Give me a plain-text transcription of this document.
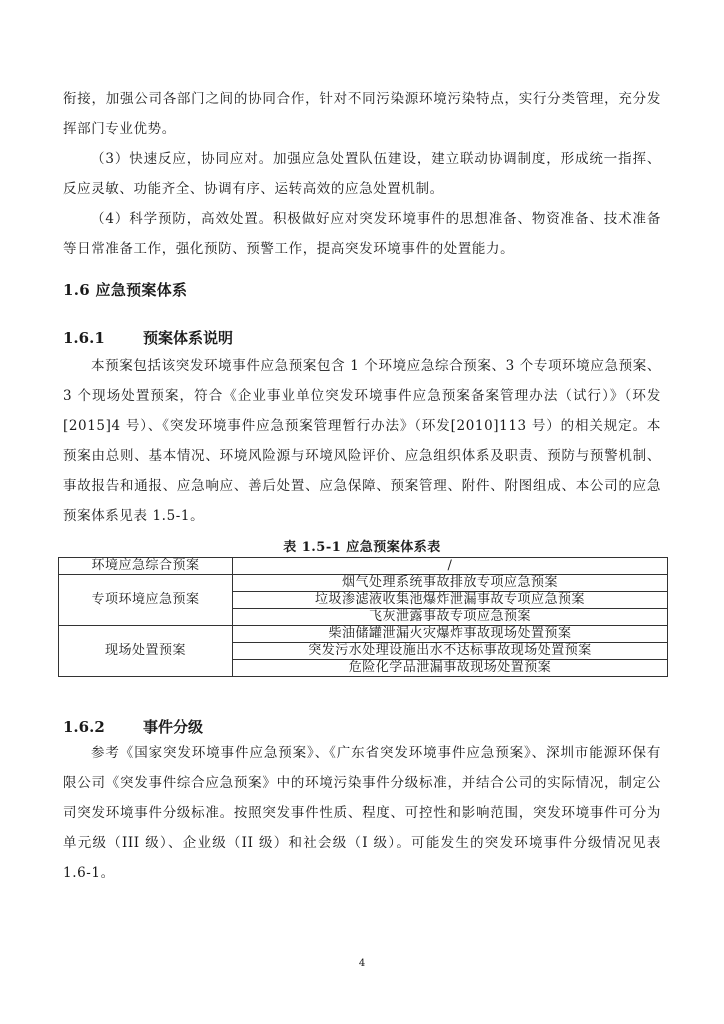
衔接，加强公司各部门之间的协同合作，针对不同污染源环境污染特点，实行分类管理，充分发挥部门专业优势。

（3）快速反应，协同应对。加强应急处置队伍建设，建立联动协调制度，形成统一指挥、反应灵敏、功能齐全、协调有序、运转高效的应急处置机制。

（4）科学预防，高效处置。积极做好应对突发环境事件的思想准备、物资准备、技术准备等日常准备工作，强化预防、预警工作，提高突发环境事件的处置能力。

1.6 应急预案体系
1.6.1	预案体系说明

本预案包括该突发环境事件应急预案包含 1 个环境应急综合预案、3 个专项环境应急预案、3 个现场处置预案，符合《企业事业单位突发环境事件应急预案备案管理办法（试行）》（环发[2015]4 号）、《突发环境事件应急预案管理暂行办法》（环发[2010]113 号）的相关规定。本预案由总则、基本情况、环境风险源与环境风险评价、应急组织体系及职责、预防与预警机制、事故报告和通报、应急响应、善后处置、应急保障、预案管理、附件、附图组成、本公司的应急预案体系见表 1.5-1。

表 1.5-1 应急预案体系表

环境应急综合预案	/
专项环境应急预案	烟气处理系统事故排放专项应急预案
	垃圾渗滤液收集池爆炸泄漏事故专项应急预案
	飞灰泄露事故专项应急预案
现场处置预案	柴油储罐泄漏火灾爆炸事故现场处置预案
	突发污水处理设施出水不达标事故现场处置预案
	危险化学品泄漏事故现场处置预案
1.6.2	事件分级

参考《国家突发环境事件应急预案》、《广东省突发环境事件应急预案》、深圳市能源环保有限公司《突发事件综合应急预案》中的环境污染事件分级标准，并结合公司的实际情况，制定公司突发环境事件分级标准。按照突发事件性质、程度、可控性和影响范围，突发环境事件可分为单元级（III 级）、企业级（II 级）和社会级（I 级）。可能发生的突发环境事件分级情况见表 1.6-1。

4
